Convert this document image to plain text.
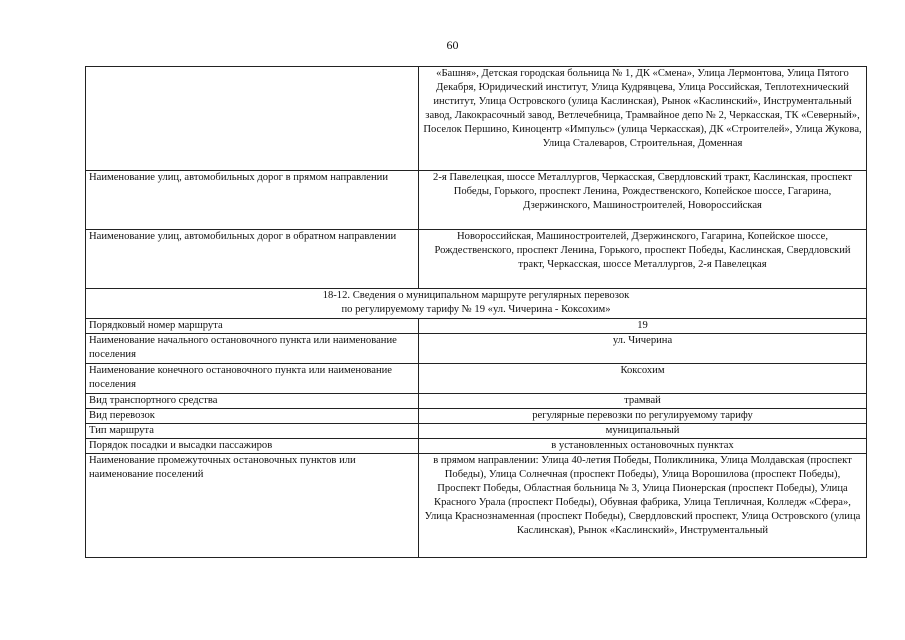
60
	«Башня», Детская городская больница № 1, ДК «Смена», Улица Лермонтова, Улица Пятого Декабря, Юридический институт, Улица Кудрявцева, Улица Российская, Теплотехнический институт, Улица Островского (улица Каслинская), Рынок «Каслинский», Инструментальный завод, Лакокрасочный завод, Ветлечебница, Трамвайное депо № 2, Черкасская, ТК «Северный», Поселок Першино, Киноцентр «Импульс» (улица Черкасская), ДК «Строителей», Улица Жукова, Улица Сталеваров, Строительная, Доменная
Наименование улиц, автомобильных дорог в прямом направлении	2-я Павелецкая, шоссе Металлургов, Черкасская, Свердловский тракт, Каслинская, проспект Победы, Горького, проспект Ленина, Рождественского, Копейское шоссе, Гагарина, Дзержинского, Машиностроителей, Новороссийская
Наименование улиц, автомобильных дорог в обратном направлении	Новороссийская, Машиностроителей, Дзержинского, Гагарина, Копейское шоссе, Рождественского, проспект Ленина, Горького, проспект Победы, Каслинская, Свердловский тракт, Черкасская, шоссе Металлургов, 2-я Павелецкая

18-12. Сведения о муниципальном маршруте регулярных перевозок
по регулируемому тарифу № 19 «ул. Чичерина - Коксохим»	

Порядковый номер маршрута	19
Наименование начального остановочного пункта или наименование поселения	ул. Чичерина
Наименование конечного остановочного пункта или наименование поселения	Коксохим
Вид транспортного средства	трамвай
Вид перевозок	регулярные перевозки по регулируемому тарифу
Тип маршрута	муниципальный
Порядок посадки и высадки пассажиров	в установленных остановочных пунктах
Наименование промежуточных остановочных пунктов или наименование поселений	в прямом направлении: Улица 40-летия Победы, Поликлиника, Улица Молдавская (проспект Победы), Улица Солнечная (проспект Победы), Улица Ворошилова (проспект Победы), Проспект Победы, Областная больница № 3, Улица Пионерская (проспект Победы), Улица Красного Урала (проспект Победы), Обувная фабрика, Улица Тепличная, Колледж «Сфера», Улица Краснознаменная (проспект Победы), Свердловский проспект, Улица Островского (улица Каслинская), Рынок «Каслинский», Инструментальный
